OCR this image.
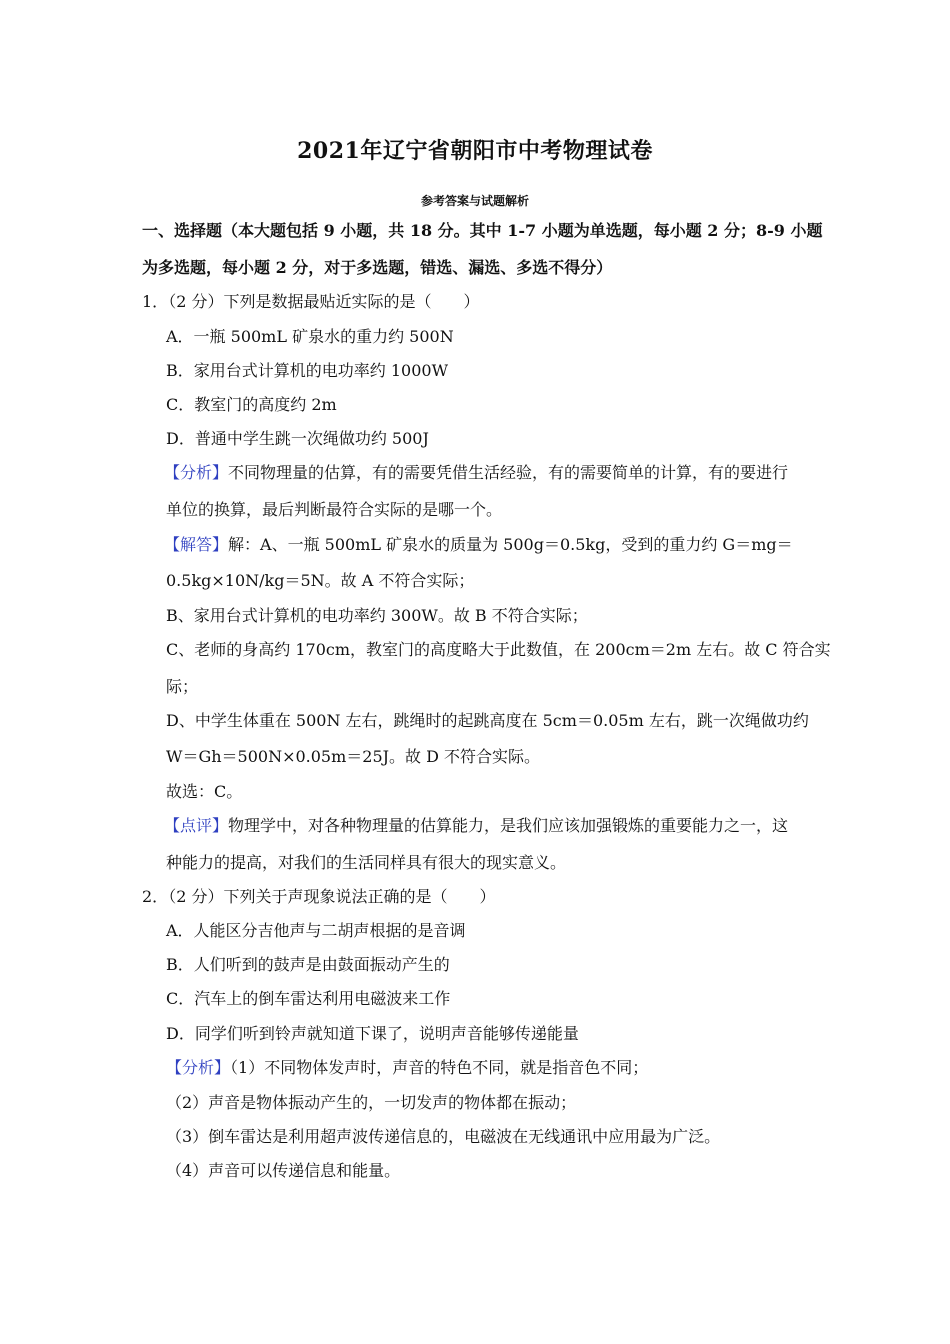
2021年辽宁省朝阳市中考物理试卷
参考答案与试题解析
一、选择题（本大题包括 9 小题，共 18 分。其中 1-7 小题为单选题，每小题 2 分；8-9 小题
为多选题，每小题 2 分，对于多选题，错选、漏选、多选不得分）
1．（2 分）下列是数据最贴近实际的是（　　）
A．一瓶 500mL 矿泉水的重力约 500N
B．家用台式计算机的电功率约 1000W
C．教室门的高度约 2m
D．普通中学生跳一次绳做功约 500J
【分析】不同物理量的估算，有的需要凭借生活经验，有的需要简单的计算，有的要进行
单位的换算，最后判断最符合实际的是哪一个。
【解答】解：A、一瓶 500mL 矿泉水的质量为 500g＝0.5kg，受到的重力约 G＝mg＝
0.5kg×10N/kg＝5N。故 A 不符合实际；
B、家用台式计算机的电功率约 300W。故 B 不符合实际；
C、老师的身高约 170cm，教室门的高度略大于此数值，在 200cm＝2m 左右。故 C 符合实
际；
D、中学生体重在 500N 左右，跳绳时的起跳高度在 5cm＝0.05m 左右，跳一次绳做功约
W＝Gh＝500N×0.05m＝25J。故 D 不符合实际。
故选：C。
【点评】物理学中，对各种物理量的估算能力，是我们应该加强锻炼的重要能力之一，这
种能力的提高，对我们的生活同样具有很大的现实意义。
2．（2 分）下列关于声现象说法正确的是（　　）
A．人能区分吉他声与二胡声根据的是音调
B．人们听到的鼓声是由鼓面振动产生的
C．汽车上的倒车雷达利用电磁波来工作
D．同学们听到铃声就知道下课了，说明声音能够传递能量
【分析】（1）不同物体发声时，声音的特色不同，就是指音色不同；
（2）声音是物体振动产生的，一切发声的物体都在振动；
（3）倒车雷达是利用超声波传递信息的，电磁波在无线通讯中应用最为广泛。
（4）声音可以传递信息和能量。
